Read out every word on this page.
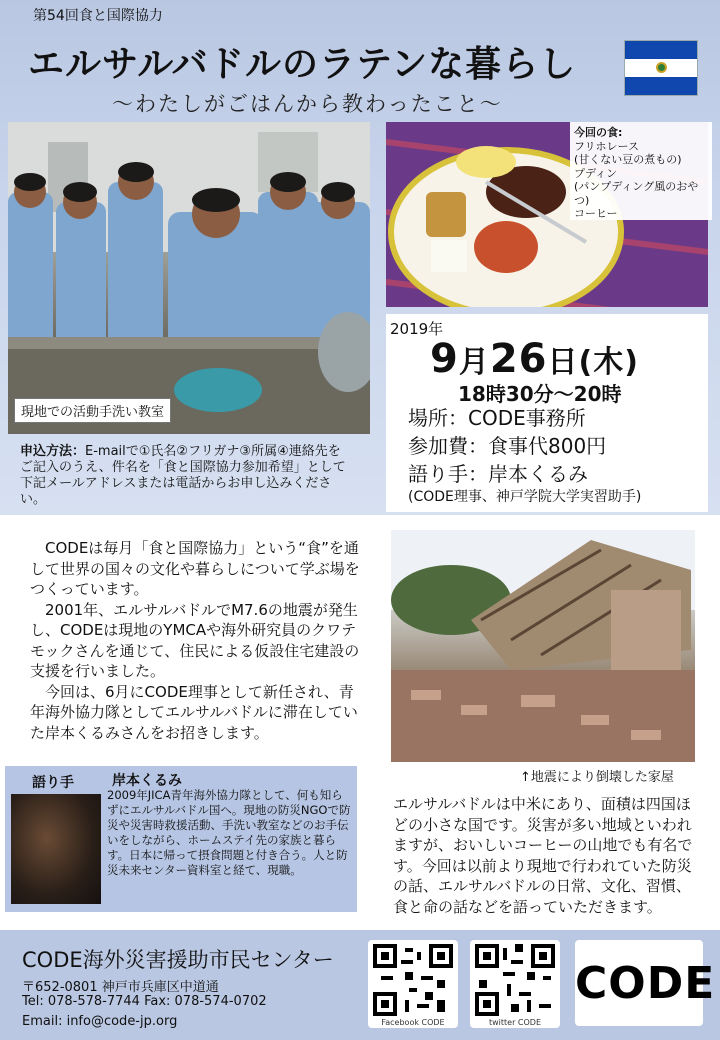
第54回食と国際協力
エルサルバドルのラテンな暮らし
～わたしがごはんから教わったこと～
現地での活動手洗い教室
今回の食:
フリホレース
(甘くない豆の煮もの)
プディン
(パンプディング風のおやつ)
コーヒー
2019年
9月26日(木)
18時30分～20時
場所：CODE事務所
参加費：食事代800円
語り手：岸本くるみ
(CODE理事、神戸学院大学実習助手)
申込方法：E-mailで①氏名②フリガナ③所属④連絡先をご記入のうえ、件名を「食と国際協力参加希望」として下記メールアドレスまたは電話からお申し込みください。

CODEは毎月「食と国際協力」という“食”を通して世界の国々の文化や暮らしについて学ぶ場をつくっています。

2001年、エルサルバドルでM7.6の地震が発生し、CODEは現地のYMCAや海外研究員のクワテモックさんを通じて、住民による仮設住宅建設の支援を行いました。

今回は、6月にCODE理事として新任され、青年海外協力隊としてエルサルバドルに滞在していた岸本くるみさんをお招きします。

↑地震により倒壊した家屋
語り手	岸本くるみ
2009年JICA青年海外協力隊として、何も知らずにエルサルバドル国へ。現地の防災NGOで防災や災害時救援活動、手洗い教室などのお手伝いをしながら、ホームステイ先の家族と暮らす。日本に帰って摂食問題と付き合う。人と防災未来センター資料室と経て、現職。
エルサルバドルは中米にあり、面積は四国ほどの小さな国です。災害が多い地域といわれますが、おいしいコーヒーの山地でも有名です。今回は以前より現地で行われていた防災の話、エルサルバドルの日常、文化、習慣、食と命の話などを語っていただきます。
CODE海外災害援助市民センター
〒652-0801 神戸市兵庫区中道通
Tel: 078-578-7744 Fax: 078-574-0702
Email: info@code-jp.org	Facebook CODE	twitter CODE
CODE
